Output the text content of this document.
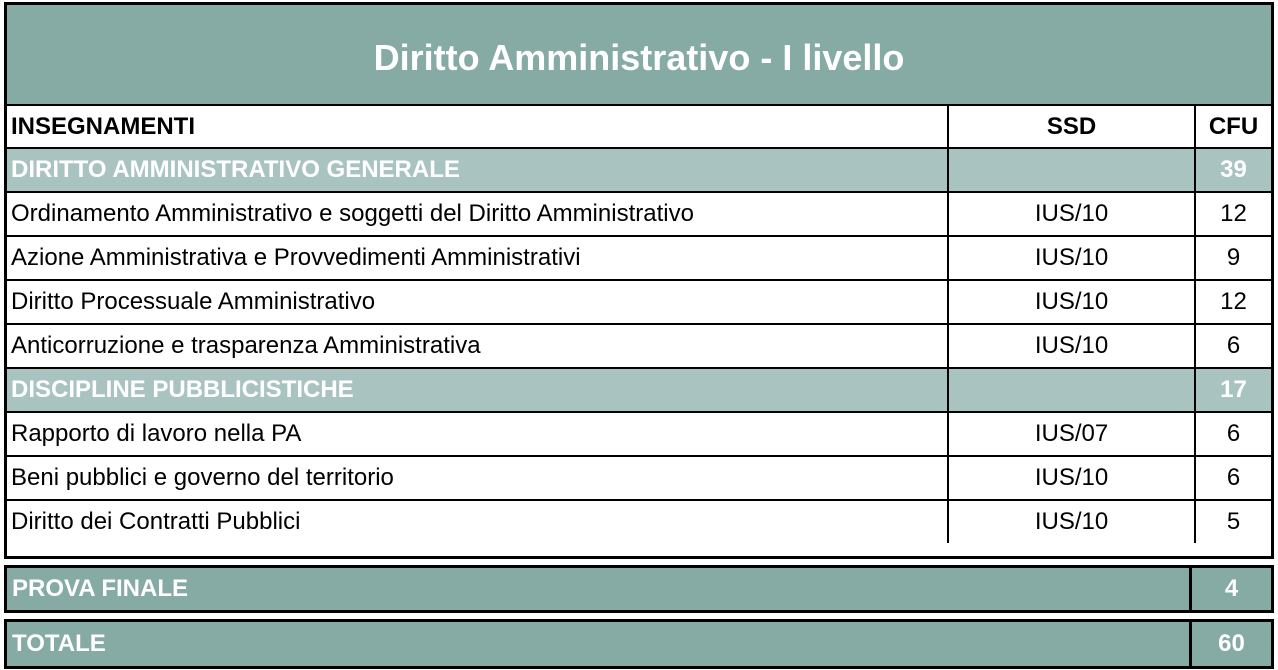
Diritto Amministrativo - I livello
INSEGNAMENTI	SSD	CFU
DIRITTO AMMINISTRATIVO GENERALE		39
Ordinamento Amministrativo e soggetti del Diritto Amministrativo	IUS/10	12
Azione Amministrativa e Provvedimenti Amministrativi	IUS/10	9
Diritto Processuale Amministrativo	IUS/10	12
Anticorruzione e trasparenza Amministrativa	IUS/10	6
DISCIPLINE PUBBLICISTICHE		17
Rapporto di lavoro nella PA	IUS/07	6
Beni pubblici e governo del territorio	IUS/10	6
Diritto dei Contratti Pubblici	IUS/10	5
PROVA FINALE	4
TOTALE	60
